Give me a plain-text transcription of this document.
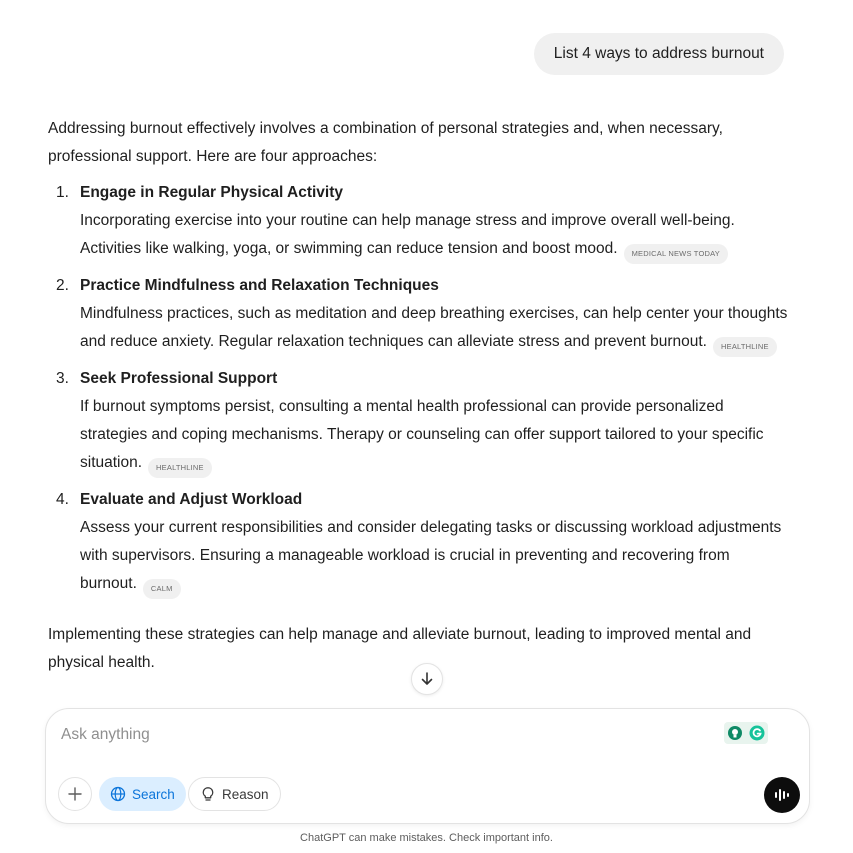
List 4 ways to address burnout

Addressing burnout effectively involves a combination of personal strategies and, when necessary, professional support. Here are four approaches:

1. Engage in Regular Physical Activity
Incorporating exercise into your routine can help manage stress and improve overall well-being. Activities like walking, yoga, or swimming can reduce tension and boost mood. MEDICAL NEWS TODAY
2. Practice Mindfulness and Relaxation Techniques
Mindfulness practices, such as meditation and deep breathing exercises, can help center your thoughts and reduce anxiety. Regular relaxation techniques can alleviate stress and prevent burnout. HEALTHLINE
3. Seek Professional Support
If burnout symptoms persist, consulting a mental health professional can provide personalized strategies and coping mechanisms. Therapy or counseling can offer support tailored to your specific situation. HEALTHLINE
4. Evaluate and Adjust Workload
Assess your current responsibilities and consider delegating tasks or discussing workload adjustments with supervisors. Ensuring a manageable workload is crucial in preventing and recovering from burnout. CALM

Implementing these strategies can help manage and alleviate burnout, leading to improved mental and physical health.

Ask anything
Search	Reason
ChatGPT can make mistakes. Check important info.
